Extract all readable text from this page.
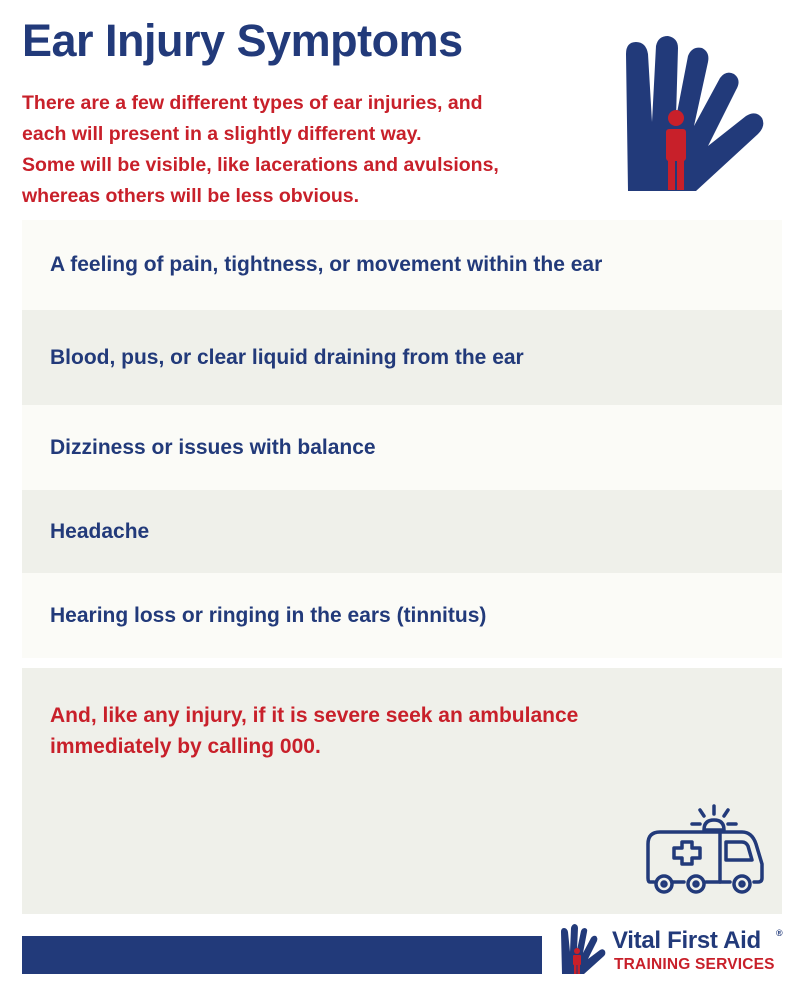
Ear Injury Symptoms
There are a few different types of ear injuries, and
each will present in a slightly different way.
Some will be visible, like lacerations and avulsions,
whereas others will be less obvious.
A feeling of pain, tightness, or movement within the ear
Blood, pus, or clear liquid draining from the ear
Dizziness or issues with balance
Headache
Hearing loss or ringing in the ears (tinnitus)
And, like any injury, if it is severe seek an ambulance
immediately by calling 000.
Vital First Aid ®
TRAINING SERVICES
